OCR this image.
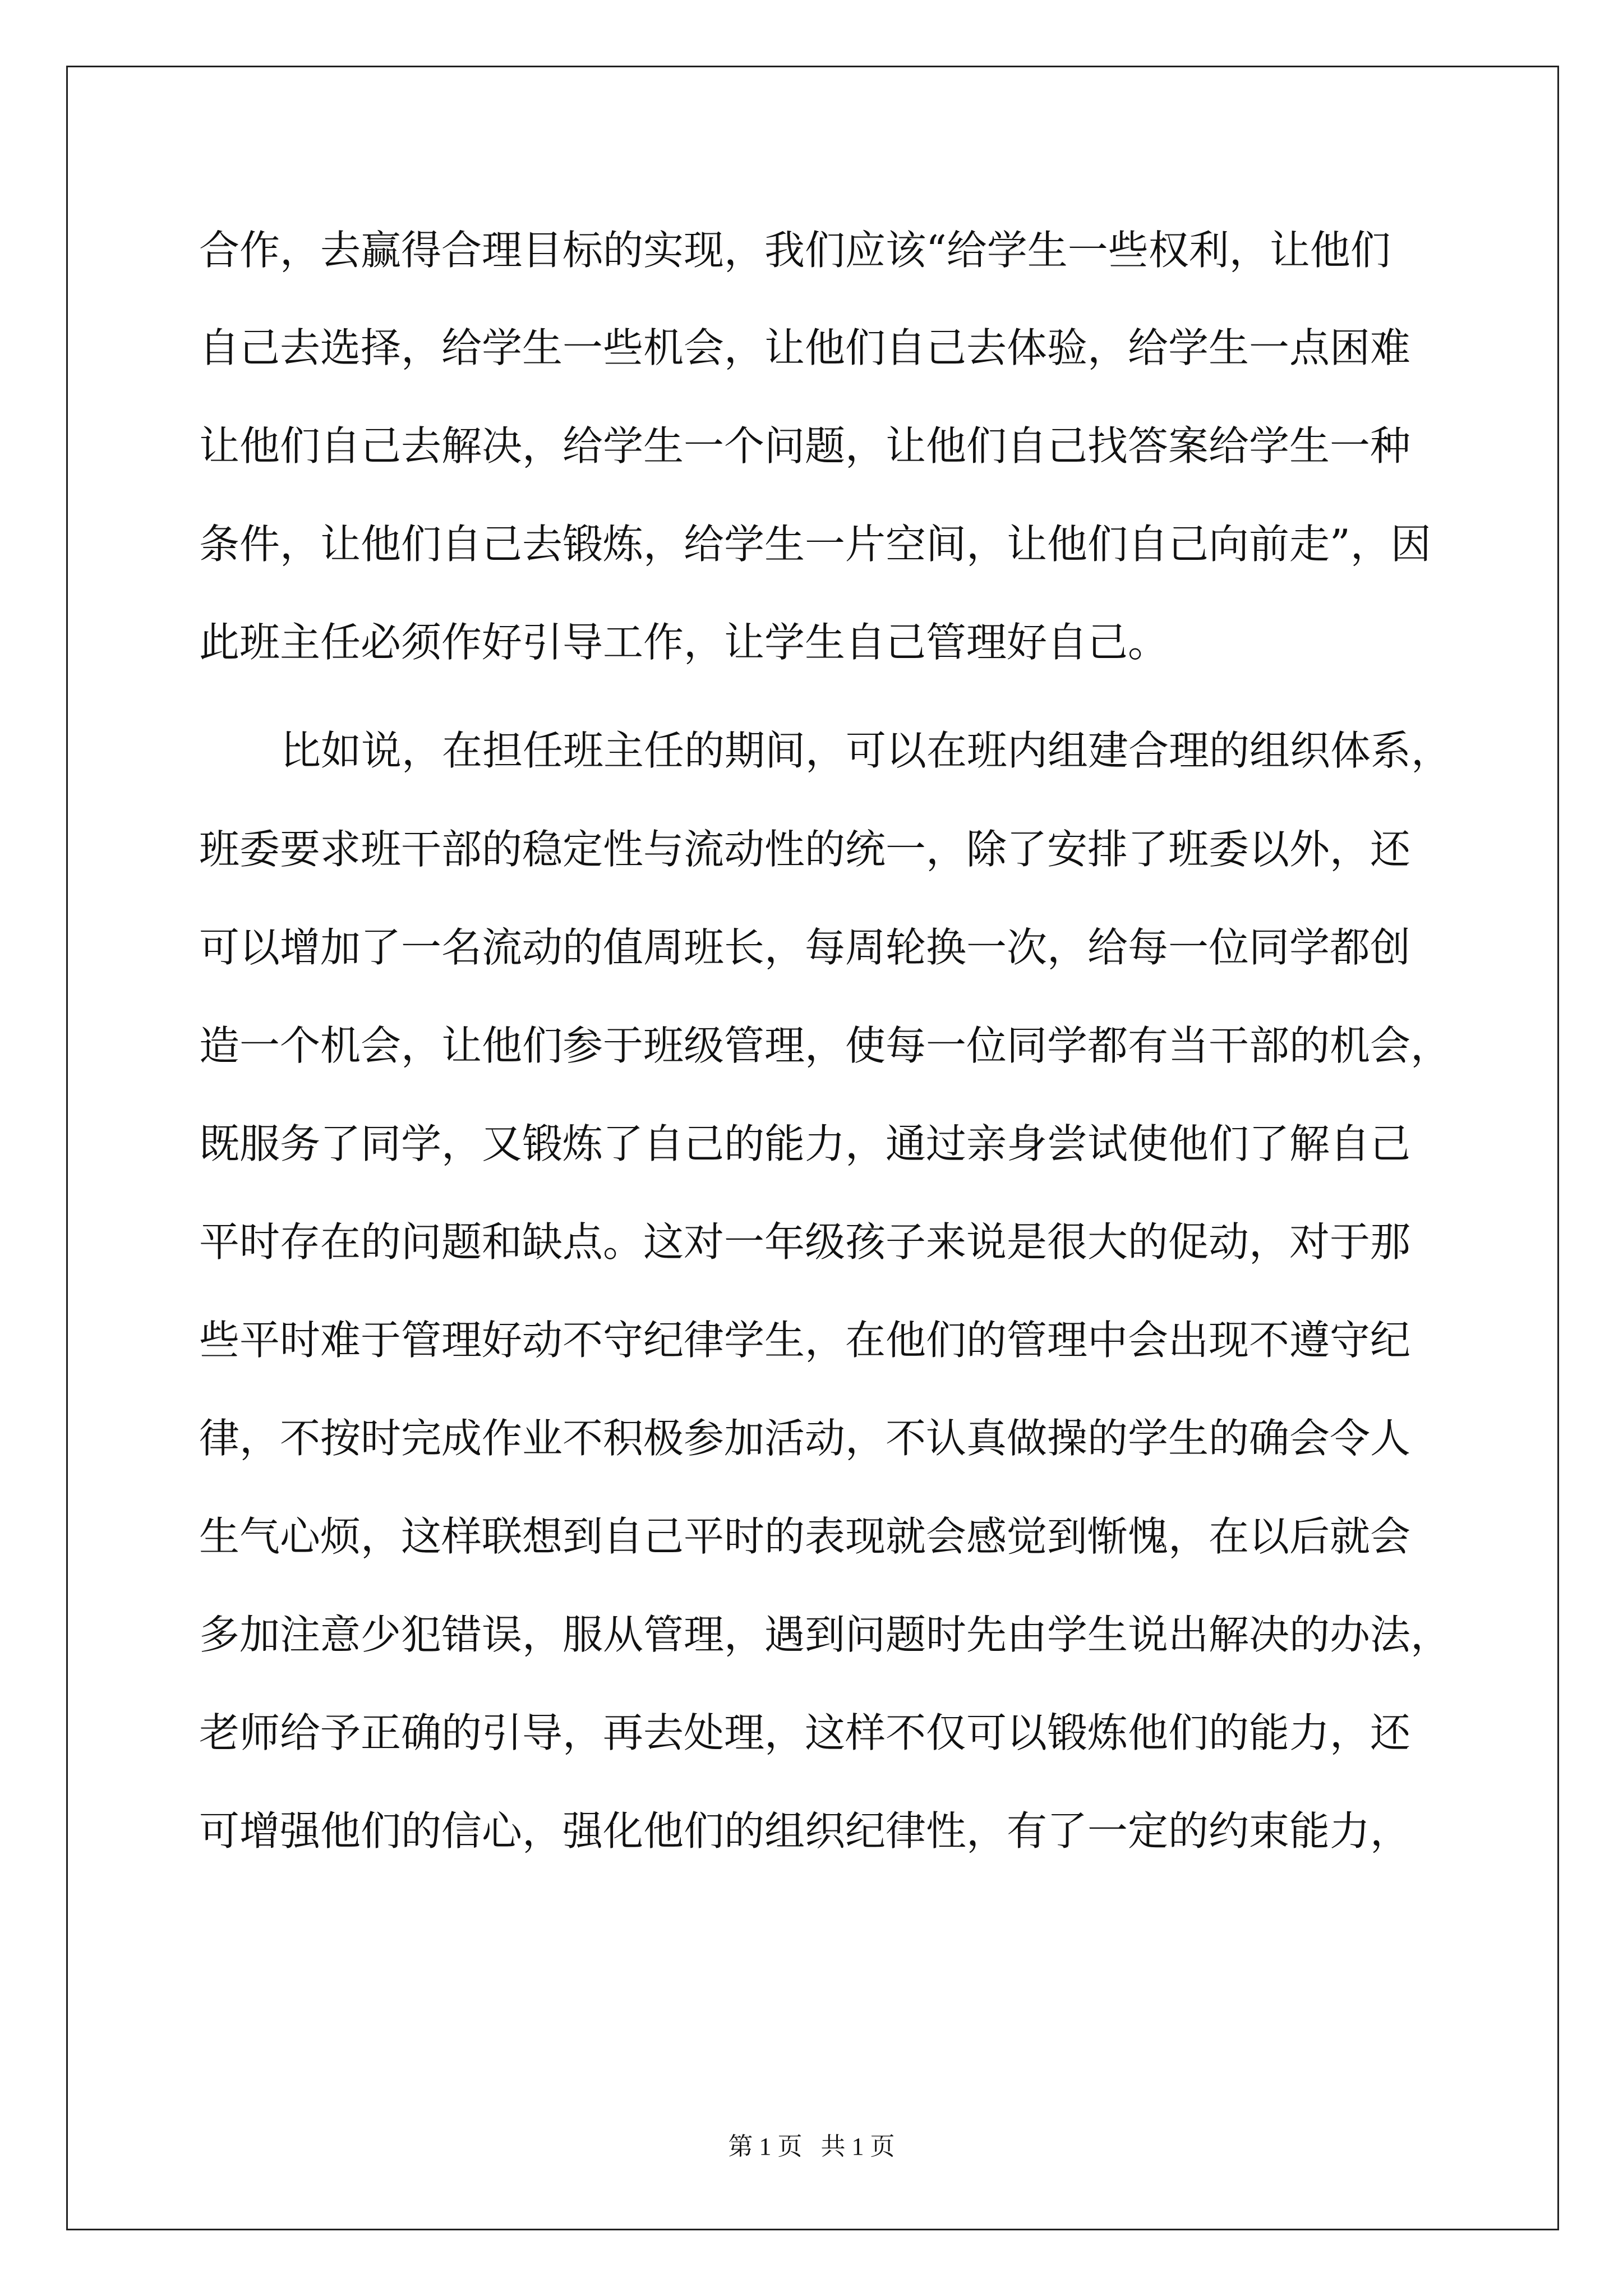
合作，去赢得合理目标的实现，我们应该“给学生一些权利，让他们
自己去选择，给学生一些机会，让他们自己去体验，给学生一点困难
让他们自己去解决，给学生一个问题，让他们自己找答案给学生一种
条件，让他们自己去锻炼，给学生一片空间，让他们自己向前走”，因
此班主任必须作好引导工作，让学生自己管理好自己。
比如说，在担任班主任的期间，可以在班内组建合理的组织体系，
班委要求班干部的稳定性与流动性的统一，除了安排了班委以外，还
可以增加了一名流动的值周班长，每周轮换一次，给每一位同学都创
造一个机会，让他们参于班级管理，使每一位同学都有当干部的机会，
既服务了同学，又锻炼了自己的能力，通过亲身尝试使他们了解自己
平时存在的问题和缺点。这对一年级孩子来说是很大的促动，对于那
些平时难于管理好动不守纪律学生，在他们的管理中会出现不遵守纪
律，不按时完成作业不积极参加活动，不认真做操的学生的确会令人
生气心烦，这样联想到自己平时的表现就会感觉到惭愧，在以后就会
多加注意少犯错误，服从管理，遇到问题时先由学生说出解决的办法，
老师给予正确的引导，再去处理，这样不仅可以锻炼他们的能力，还
可增强他们的信心，强化他们的组织纪律性，有了一定的约束能力，
第 1 页   共 1 页
